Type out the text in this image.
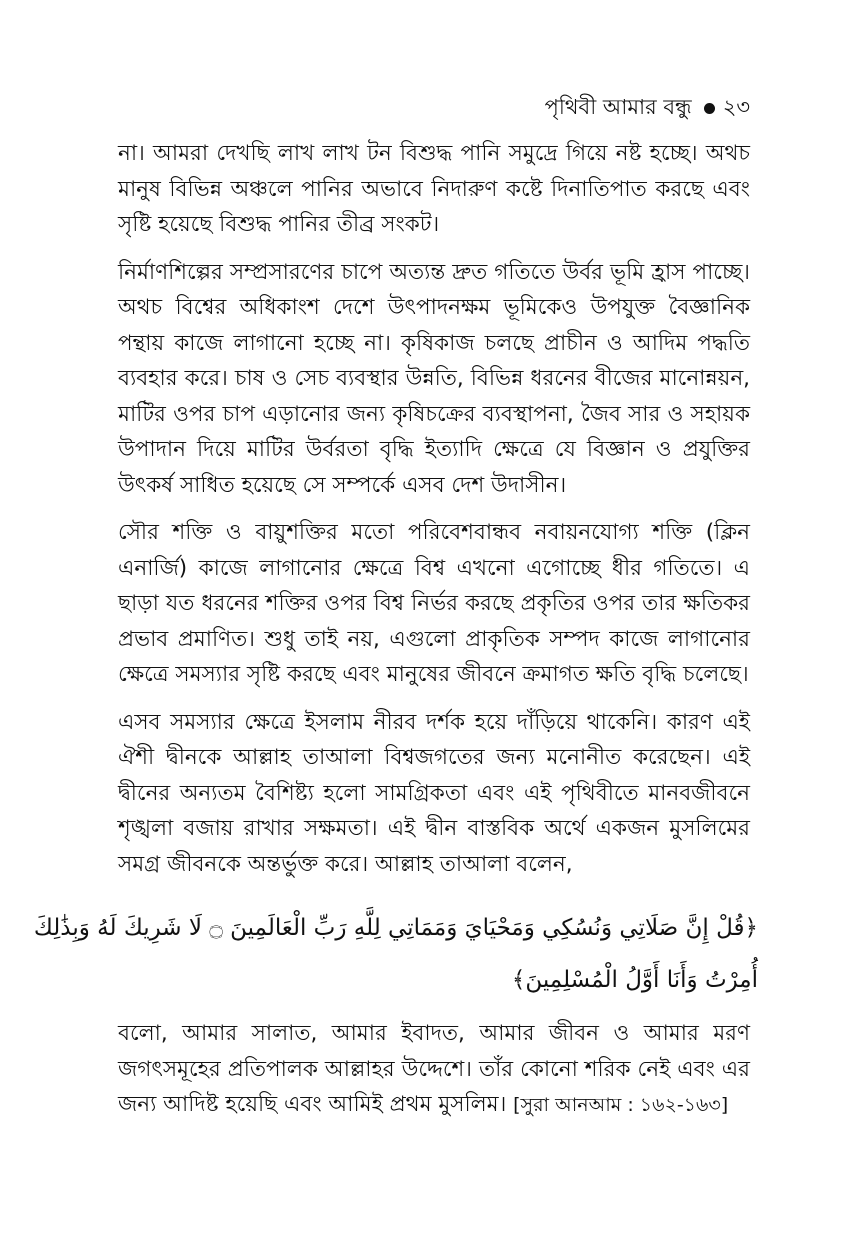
পৃথিবী আমার বন্ধু ২৩

না। আমরা দেখছি লাখ লাখ টন বিশুদ্ধ পানি সমুদ্রে গিয়ে নষ্ট হচ্ছে। অথচ মানুষ বিভিন্ন অঞ্চলে পানির অভাবে নিদারুণ কষ্টে দিনাতিপাত করছে এবং সৃষ্টি হয়েছে বিশুদ্ধ পানির তীব্র সংকট।

নির্মাণশিল্পের সম্প্রসারণের চাপে অত্যন্ত দ্রুত গতিতে উর্বর ভূমি হ্রাস পাচ্ছে। অথচ বিশ্বের অধিকাংশ দেশে উৎপাদনক্ষম ভূমিকেও উপযুক্ত বৈজ্ঞানিক পন্থায় কাজে লাগানো হচ্ছে না। কৃষিকাজ চলছে প্রাচীন ও আদিম পদ্ধতি ব্যবহার করে। চাষ ও সেচ ব্যবস্থার উন্নতি, বিভিন্ন ধরনের বীজের মানোন্নয়ন, মাটির ওপর চাপ এড়ানোর জন্য কৃষিচক্রের ব্যবস্থাপনা, জৈব সার ও সহায়ক উপাদান দিয়ে মাটির উর্বরতা বৃদ্ধি ইত্যাদি ক্ষেত্রে যে বিজ্ঞান ও প্রযুক্তির উৎকর্ষ সাধিত হয়েছে সে সম্পর্কে এসব দেশ উদাসীন।

সৌর শক্তি ও বায়ুশক্তির মতো পরিবেশবান্ধব নবায়নযোগ্য শক্তি (ক্লিন এনার্জি) কাজে লাগানোর ক্ষেত্রে বিশ্ব এখনো এগোচ্ছে ধীর গতিতে। এ ছাড়া যত ধরনের শক্তির ওপর বিশ্ব নির্ভর করছে প্রকৃতির ওপর তার ক্ষতিকর প্রভাব প্রমাণিত। শুধু তাই নয়, এগুলো প্রাকৃতিক সম্পদ কাজে লাগানোর ক্ষেত্রে সমস্যার সৃষ্টি করছে এবং মানুষের জীবনে ক্রমাগত ক্ষতি বৃদ্ধি চলেছে।

এসব সমস্যার ক্ষেত্রে ইসলাম নীরব দর্শক হয়ে দাঁড়িয়ে থাকেনি। কারণ এই ঐশী দ্বীনকে আল্লাহ তাআলা বিশ্বজগতের জন্য মনোনীত করেছেন। এই দ্বীনের অন্যতম বৈশিষ্ট্য হলো সামগ্রিকতা এবং এই পৃথিবীতে মানবজীবনে শৃঙ্খলা বজায় রাখার সক্ষমতা। এই দ্বীন বাস্তবিক অর্থে একজন মুসলিমের সমগ্র জীবনকে অন্তর্ভুক্ত করে। আল্লাহ তাআলা বলেন,

﴿قُلْ إِنَّ صَلَاتِي وَنُسُكِي وَمَحْيَايَ وَمَمَاتِي لِلَّهِ رَبِّ الْعَالَمِينَ ۝ لَا شَرِيكَ لَهُ وَبِذَٰلِكَ
أُمِرْتُ وَأَنَا أَوَّلُ الْمُسْلِمِينَ﴾

বলো, আমার সালাত, আমার ইবাদত, আমার জীবন ও আমার মরণ জগৎসমূহের প্রতিপালক আল্লাহর উদ্দেশে। তাঁর কোনো শরিক নেই এবং এর জন্য আদিষ্ট হয়েছি এবং আমিই প্রথম মুসলিম। [সুরা আনআম : ১৬২-১৬৩]
